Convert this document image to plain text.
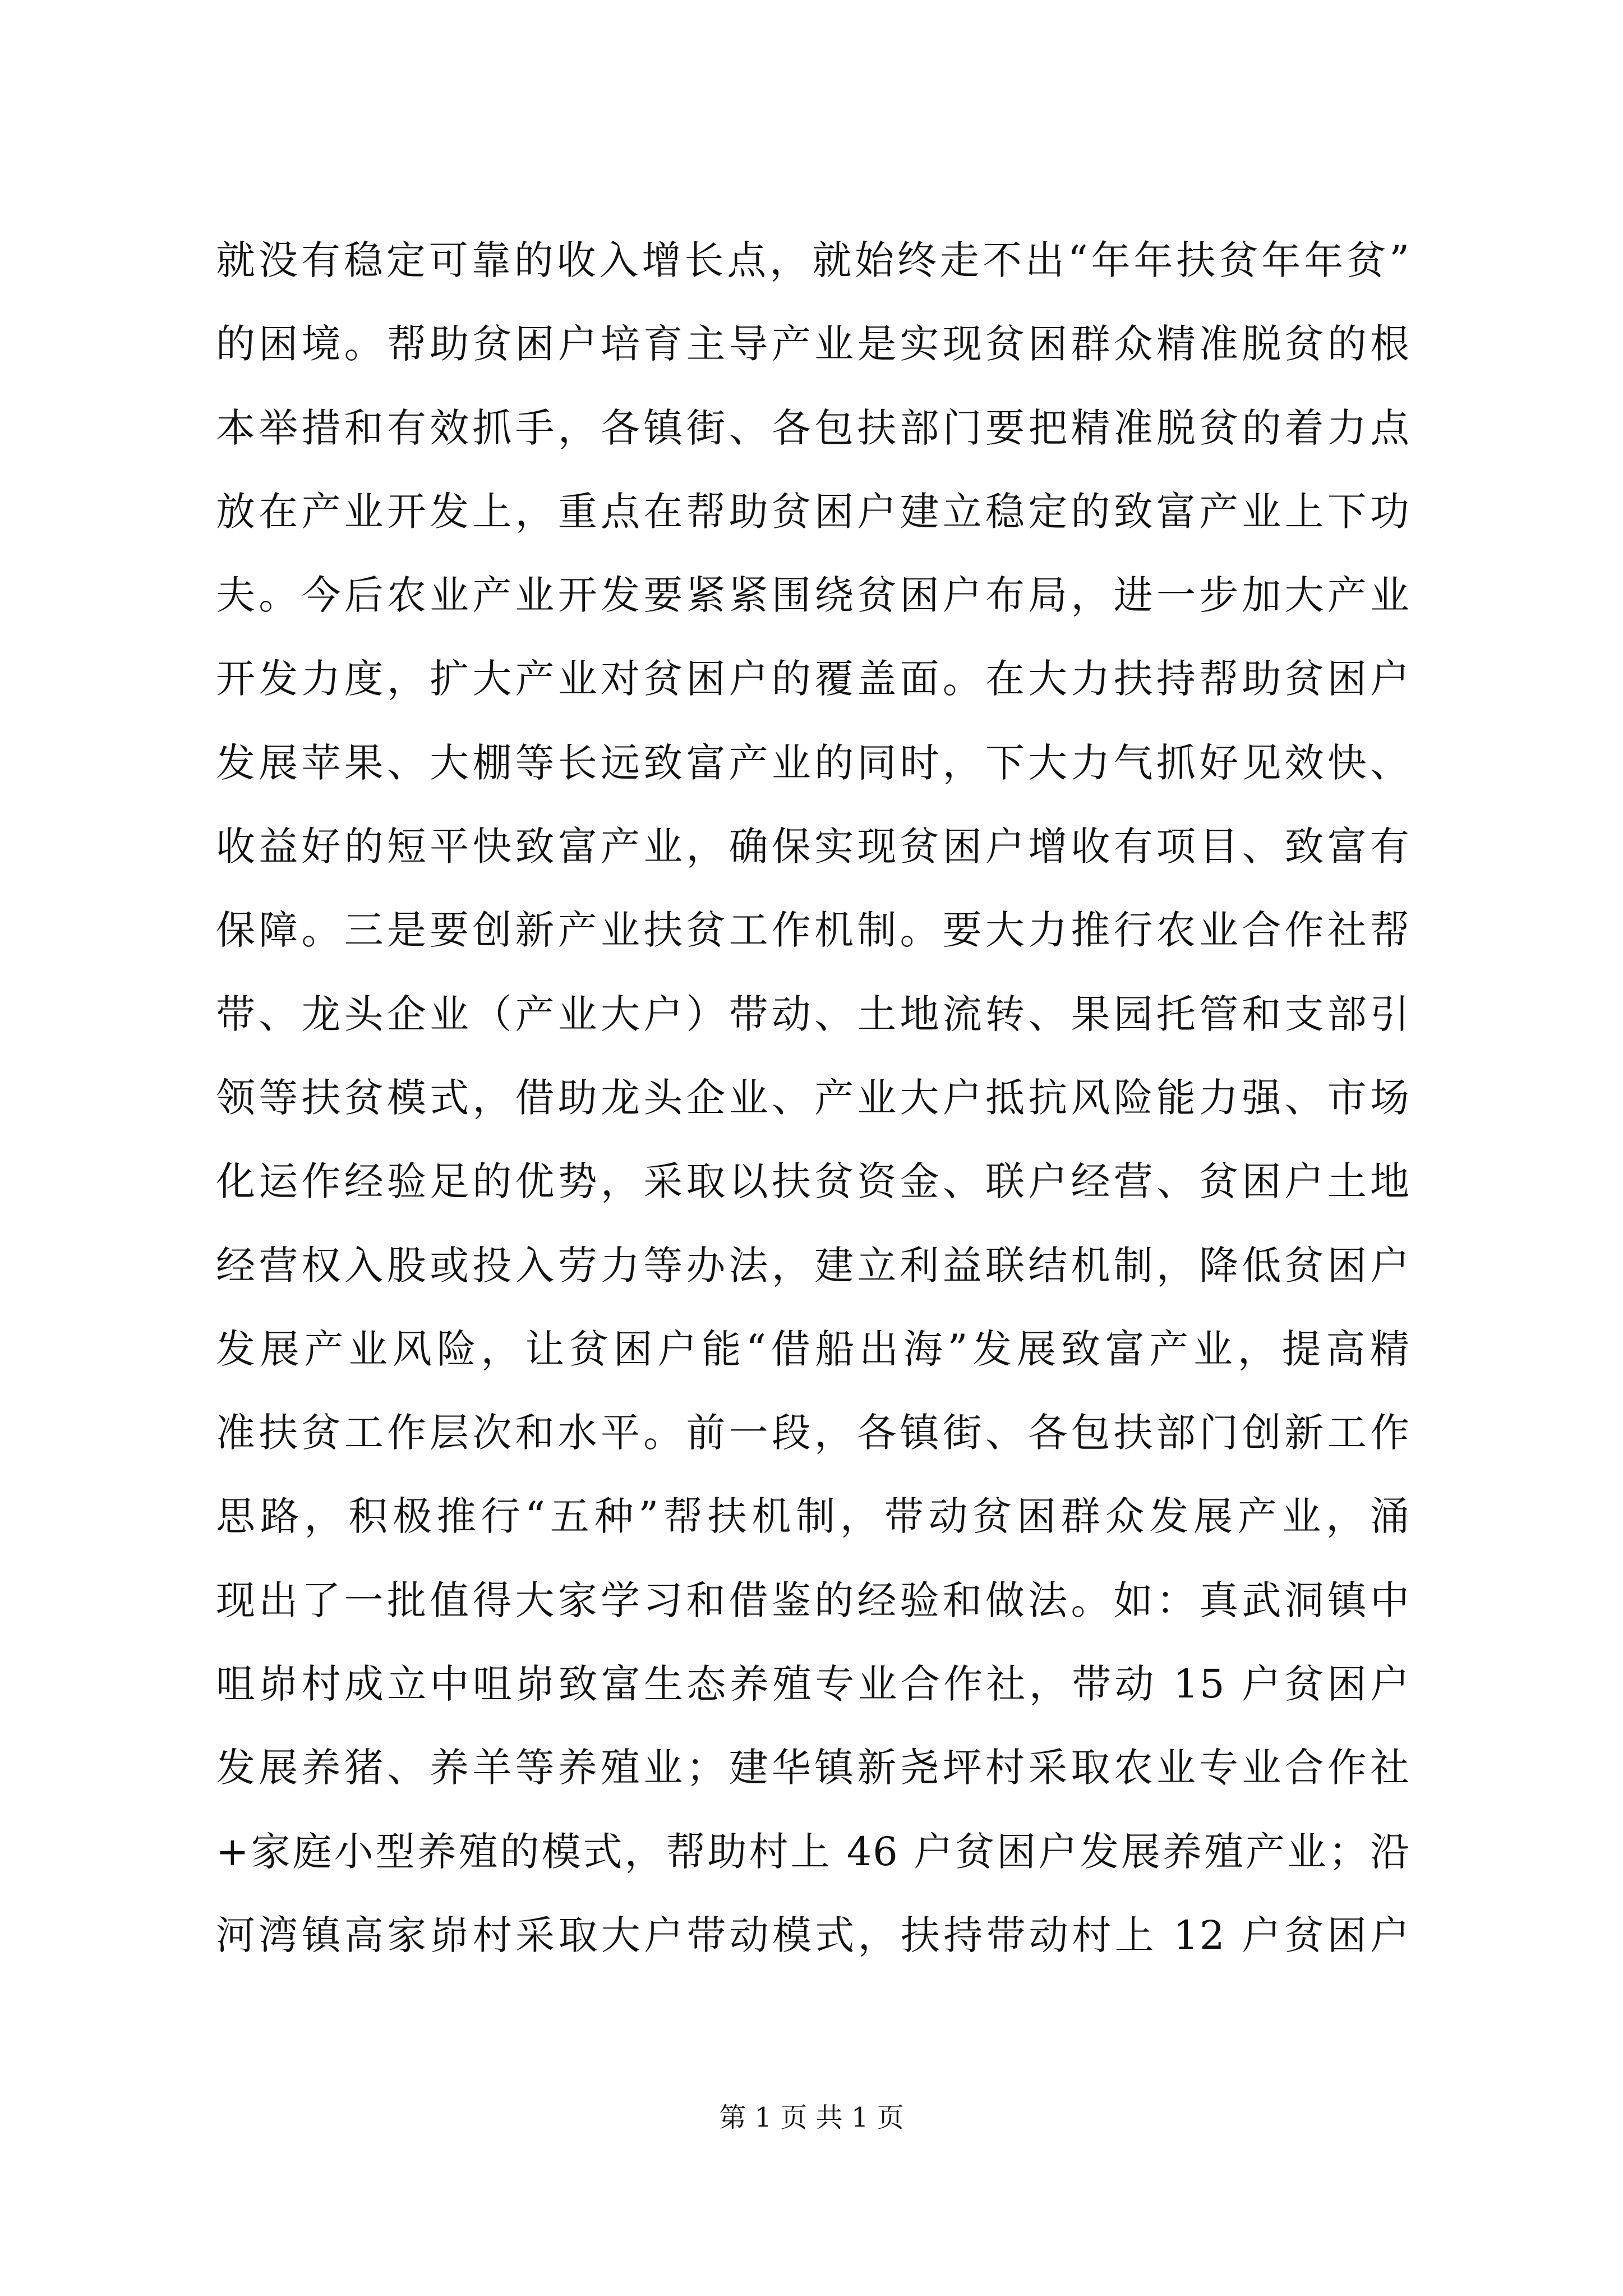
就没有稳定可靠的收入增长点，就始终走不出“年年扶贫年年贫”
的困境。帮助贫困户培育主导产业是实现贫困群众精准脱贫的根
本举措和有效抓手，各镇街、各包扶部门要把精准脱贫的着力点
放在产业开发上，重点在帮助贫困户建立稳定的致富产业上下功
夫。今后农业产业开发要紧紧围绕贫困户布局，进一步加大产业
开发力度，扩大产业对贫困户的覆盖面。在大力扶持帮助贫困户
发展苹果、大棚等长远致富产业的同时，下大力气抓好见效快、
收益好的短平快致富产业，确保实现贫困户增收有项目、致富有
保障。三是要创新产业扶贫工作机制。要大力推行农业合作社帮
带、龙头企业（产业大户）带动、土地流转、果园托管和支部引
领等扶贫模式，借助龙头企业、产业大户抵抗风险能力强、市场
化运作经验足的优势，采取以扶贫资金、联户经营、贫困户土地
经营权入股或投入劳力等办法，建立利益联结机制，降低贫困户
发展产业风险，让贫困户能“借船出海”发展致富产业，提高精
准扶贫工作层次和水平。前一段，各镇街、各包扶部门创新工作
思路，积极推行“五种”帮扶机制，带动贫困群众发展产业，涌
现出了一批值得大家学习和借鉴的经验和做法。如：真武洞镇中
咀峁村成立中咀峁致富生态养殖专业合作社，带动 15 户贫困户
发展养猪、养羊等养殖业；建华镇新尧坪村采取农业专业合作社
+家庭小型养殖的模式，帮助村上 46 户贫困户发展养殖产业；沿
河湾镇高家峁村采取大户带动模式，扶持带动村上 12 户贫困户
第 1 页 共 1 页
